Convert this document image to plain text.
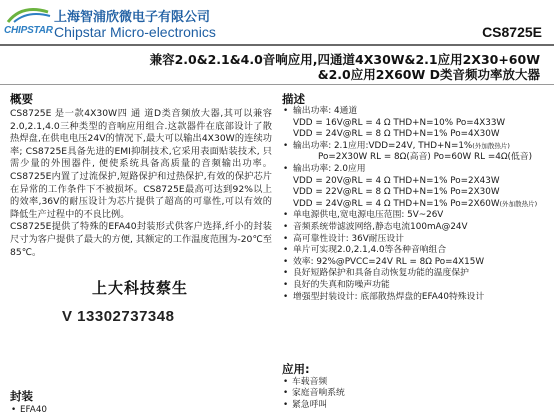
CHIPSTAR
上海智浦欣微电子有限公司
Chipstar Micro-electronics	CS8725E
兼容2.0&2.1&4.0音响应用,四通道4X30W&2.1应用2X30+60W
&2.0应用2X60W D类音频功率放大器
概要

CS8725E 是一款4X30W四 通 道D类音频放大器,其可以兼容2.0,2.1,4.0三种类型的音响应用组合.这款器件在底部设计了散热焊盘,在供电电压24V的情况下,最大可以输出4X30W的连续功率; CS8725E具备先进的EMI抑制技术,它采用表面贴装技术, 只需少量的外围器件, 便使系统具备高质量的音频输出功率。CS8725E内置了过流保护,短路保护和过热保护,有效的保护芯片在异常的工作条件下不被损坏。CS8725E最高可达到92%以上的效率,36V的耐压设计为芯片提供了超高的可靠性,可以有效的降低生产过程中的不良比例。

CS8725E提供了特殊的EFA40封装形式供客户选择,纤小的封装尺寸为客户提供了最大的方便, 其额定的工作温度范围为-20℃至85℃。

上大科技蔡生
V 13302737348
描述
• 输出功率: 4通道
VDD = 16V@RL = 4 Ω THD+N=10% Po=4X33W
VDD = 24V@RL = 8 Ω THD+N=1% Po=4X30W
• 输出功率: 2.1应用:VDD=24V, THD+N=1%(外加散热片)
Po=2X30W RL = 8Ω(高音) Po=60W RL =4Ω(低音)
• 输出功率: 2.0应用
VDD = 20V@RL = 4 Ω THD+N=1% Po=2X43W
VDD = 22V@RL = 8 Ω THD+N=1% Po=2X30W
VDD = 24V@RL = 4 Ω THD+N=1% Po=2X60W(外加散热片)
• 单电源供电,宽电源电压范围: 5V~26V
• 音频系统带滤波网络,静态电流100mA@24V
• 高可靠性设计: 36V耐压设计
• 单片可实现2.0,2.1,4.0等各种音响组合
• 效率: 92%@PVCC=24V RL = 8Ω Po=4X15W
• 良好短路保护和具备自动恢复功能的温度保护
• 良好的失真和防噪声功能
• 增强型封装设计: 底部散热焊盘的EFA40特殊设计
应用:
• 车载音频
• 家庭音响系统
• 紧急呼叫
封装
• EFA40
